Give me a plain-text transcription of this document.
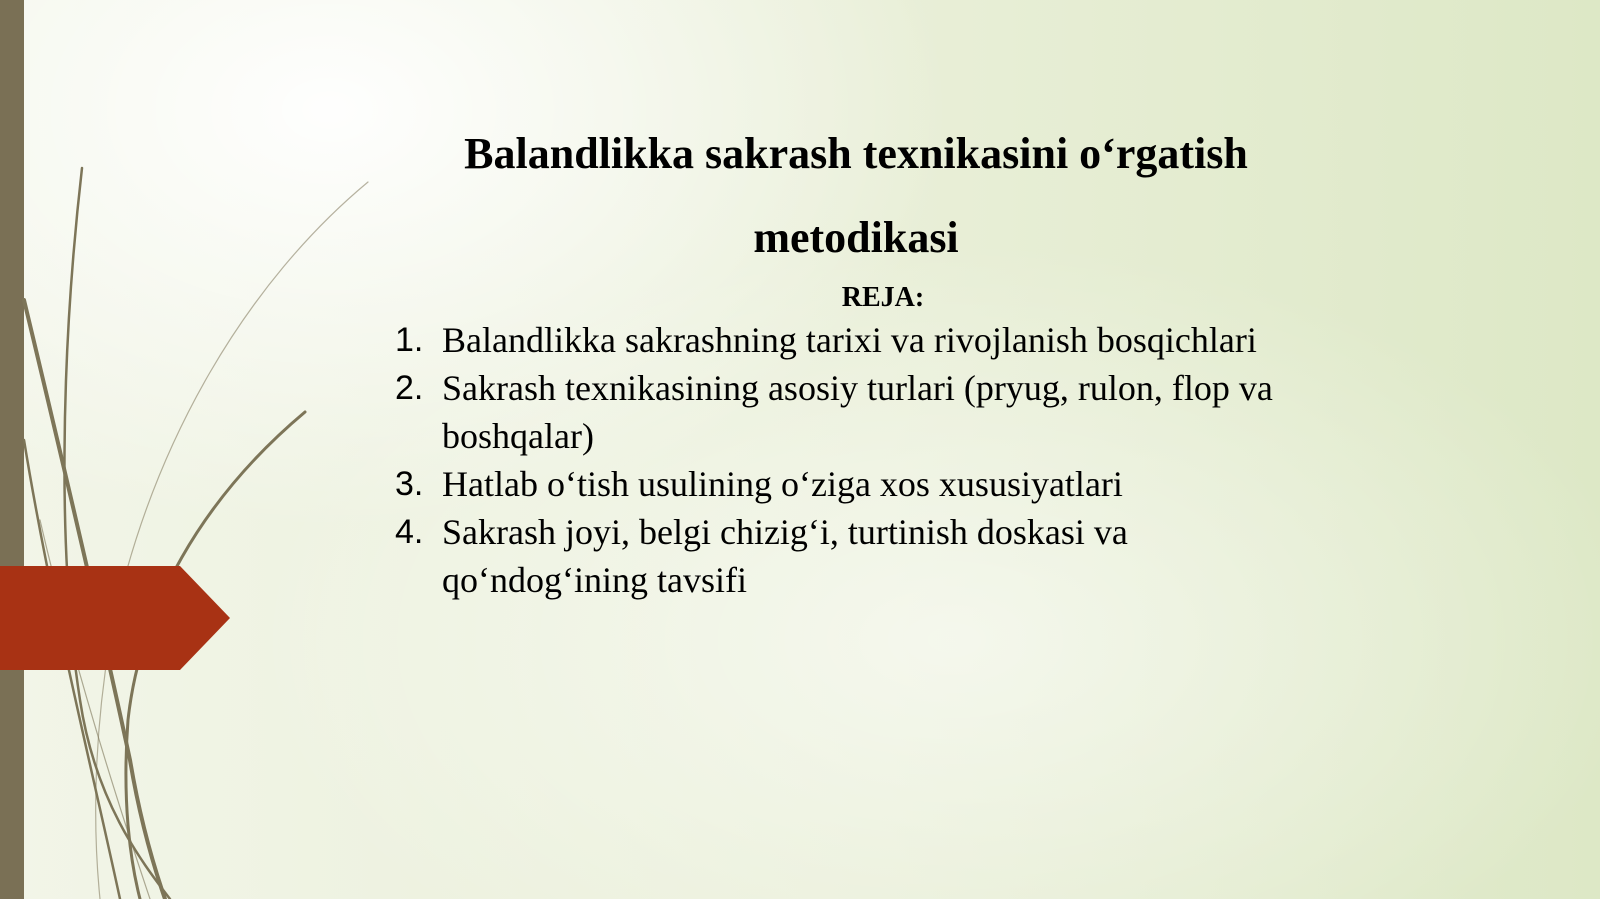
Balandlikka sakrash texnikasini o‘rgatish metodikasi
REJA:
1. Balandlikka sakrashning tarixi va rivojlanish bosqichlari
2. Sakrash texnikasining asosiy turlari (pryug, rulon, flop va boshqalar)
3. Hatlab o‘tish usulining o‘ziga xos xususiyatlari
4. Sakrash joyi, belgi chizig‘i, turtinish doskasi va qo‘ndog‘ining tavsifi
